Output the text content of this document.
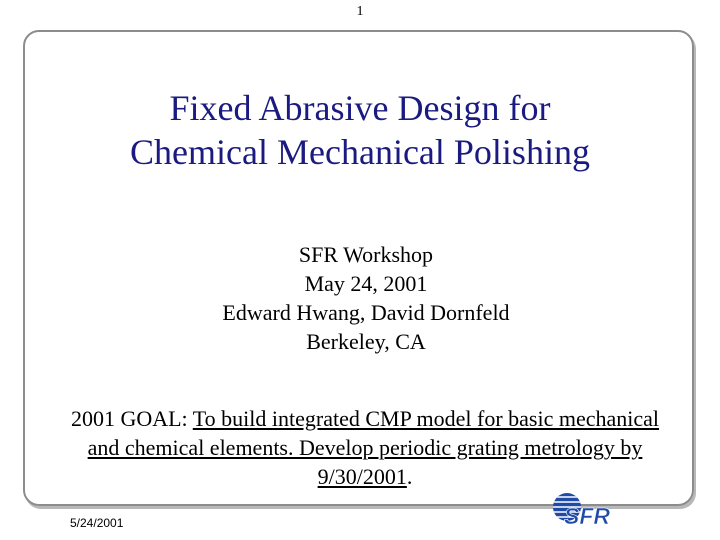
1
Fixed Abrasive Design for
Chemical Mechanical Polishing
SFR Workshop
May 24, 2001
Edward Hwang, David Dornfeld
Berkeley, CA
2001 GOAL: To build integrated CMP model for basic mechanical
and chemical elements. Develop periodic grating metrology by
9/30/2001.
5/24/2001	SFR
